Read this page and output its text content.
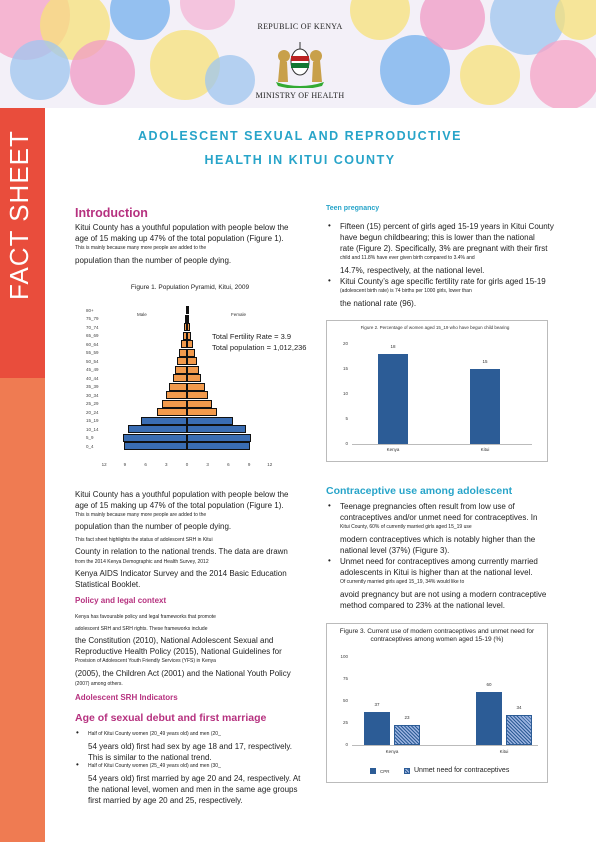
REPUBLIC OF KENYA
MINISTRY OF HEALTH
FACT SHEET	ADOLESCENT SEXUAL AND REPRODUCTIVE
HEALTH IN KITUI COUNTY
Introduction
Kitui County has a youthful population with people below the
age of 15 making up 47% of the total population (Figure 1).
This is mainly because many more people are added to the
population than the number of people dying.
Figure 1. Population Pyramid, Kitui, 2009
Male	Female
Total Fertility Rate = 3.9
Total population = 1,012,236
80+
75_79
70_74
65_69
60_64
55_59
50_54
45_49
40_44
35_39
30_34
25_29
20_24
15_19
10_14
5_9
0_4
12	9	6	3	0	3	6	9	12
Kitui County has a youthful population with people below the
age of 15 making up 47% of the total population (Figure 1).
This is mainly because many more people are added to the
population than the number of people dying.
This fact sheet highlights the status of adolescent SRH in Kitui
County in relation to the national trends. The data are drawn
from the 2014 Kenya Demographic and Health Survey, 2012
Kenya AIDS Indicator Survey and the 2014 Basic Education
Statistical Booklet.
Policy and legal context
Kenya has favourable policy and legal frameworks that promote
adolescent SRH and SRH rights. These frameworks include
the Constitution (2010), National Adolescent Sexual and
Reproductive Health Policy (2015), National Guidelines for
Provision of Adolescent Youth Friendly Services (YFS) in Kenya
(2005), the Children Act (2001) and the National Youth Policy
(2007) among others.
Adolescent SRH Indicators
Age of sexual debut and first marriage
• Half of Kitui County women (20_49 years old) and men (20_
54 years old) first had sex by age 18 and 17, respectively.
This is similar to the national trend.
• Half of Kitui County women (25_49 years old) and men (30_
54 years old) first married by age 20 and 24, respectively. At
the national level, women and men in the same age groups
first married by age 20 and 25, respectively.
Teen pregnancy
• Fifteen (15) percent of girls aged 15-19 years in Kitui County
have begun childbearing; this is lower than the national
rate (Figure 2). Specifically, 3% are pregnant with their first
child and 11.8% have ever given birth compared to 3.4% and
14.7%, respectively, at the national level.
• Kitui County’s age specific fertility rate for girls aged 15-19
(adolescent birth rate) is 74 births per 1000 girls, lower than
the national rate (96).
Figure 2. Percentage of women aged 15_19 who have begun child bearing
0
5
10
15
20
18
Kenya
15
Kitui
Contraceptive use among adolescent
• Teenage pregnancies often result from low use of
contraceptives and/or unmet need for contraceptives. In
Kitui County, 60% of currently married girls aged 15_19 use
modern contraceptives which is notably higher than the
national level (37%) (Figure 3).
• Unmet need for contraceptives among currently married
adolescents in Kitui is higher than at the national level.
Of currently married girls aged 15_19, 34% would like to
avoid pregnancy but are not using a modern contraceptive
method compared to 23% at the national level.
Figure 3. Current use of modern contraceptives and unmet need for contraceptives among women aged 15-19 (%)
0
25
50
75
100
37
60
23
34
Kenya	Kitui
CPR	Unmet need for contraceptives
